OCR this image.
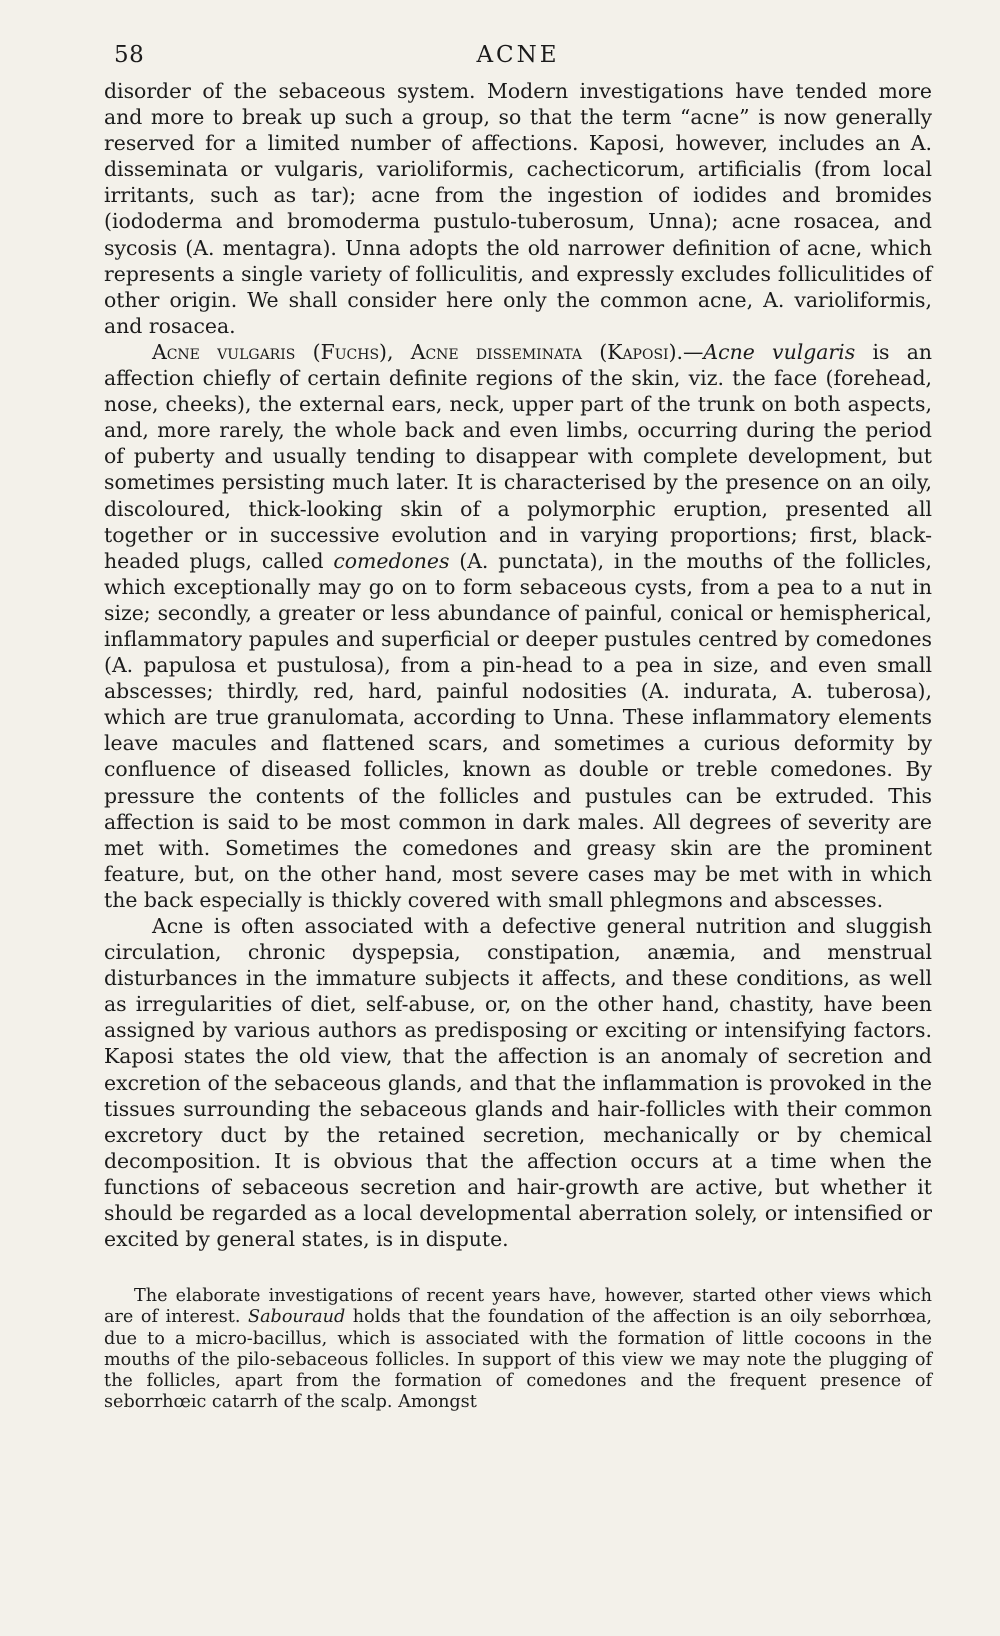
58	ACNE

disorder of the sebaceous system. Modern investigations have tended more and more to break up such a group, so that the term “acne” is now generally reserved for a limited number of affections. Kaposi, however, includes an A. disseminata or vulgaris, varioliformis, cachecticorum, artificialis (from local irritants, such as tar); acne from the ingestion of iodides and bromides (iododerma and bromoderma pustulo-tuberosum, Unna); acne rosacea, and sycosis (A. mentagra). Unna adopts the old narrower definition of acne, which represents a single variety of folliculitis, and expressly excludes folliculitides of other origin. We shall consider here only the common acne, A. varioliformis, and rosacea.

Acne vulgaris (Fuchs), Acne disseminata (Kaposi).—Acne vulgaris is an affection chiefly of certain definite regions of the skin, viz. the face (forehead, nose, cheeks), the external ears, neck, upper part of the trunk on both aspects, and, more rarely, the whole back and even limbs, occurring during the period of puberty and usually tending to disappear with complete development, but sometimes persisting much later. It is characterised by the presence on an oily, discoloured, thick-looking skin of a polymorphic eruption, presented all together or in successive evolution and in varying proportions; first, black-headed plugs, called comedones (A. punctata), in the mouths of the follicles, which exceptionally may go on to form sebaceous cysts, from a pea to a nut in size; secondly, a greater or less abundance of painful, conical or hemispherical, inflammatory papules and superficial or deeper pustules centred by comedones (A. papulosa et pustulosa), from a pin-head to a pea in size, and even small abscesses; thirdly, red, hard, painful nodosities (A. indurata, A. tuberosa), which are true granulomata, according to Unna. These inflammatory elements leave macules and flattened scars, and sometimes a curious deformity by confluence of diseased follicles, known as double or treble comedones. By pressure the contents of the follicles and pustules can be extruded. This affection is said to be most common in dark males. All degrees of severity are met with. Sometimes the comedones and greasy skin are the prominent feature, but, on the other hand, most severe cases may be met with in which the back especially is thickly covered with small phlegmons and abscesses.

Acne is often associated with a defective general nutrition and sluggish circulation, chronic dyspepsia, constipation, anæmia, and menstrual disturbances in the immature subjects it affects, and these conditions, as well as irregularities of diet, self-abuse, or, on the other hand, chastity, have been assigned by various authors as predisposing or exciting or intensifying factors. Kaposi states the old view, that the affection is an anomaly of secretion and excretion of the sebaceous glands, and that the inflammation is provoked in the tissues surrounding the sebaceous glands and hair-follicles with their common excretory duct by the retained secretion, mechanically or by chemical decomposition. It is obvious that the affection occurs at a time when the functions of sebaceous secretion and hair-growth are active, but whether it should be regarded as a local developmental aberration solely, or intensified or excited by general states, is in dispute.

The elaborate investigations of recent years have, however, started other views which are of interest. Sabouraud holds that the foundation of the affection is an oily seborrhœa, due to a micro-bacillus, which is associated with the formation of little cocoons in the mouths of the pilo-sebaceous follicles. In support of this view we may note the plugging of the follicles, apart from the formation of comedones and the frequent presence of seborrhœic catarrh of the scalp. Amongst
